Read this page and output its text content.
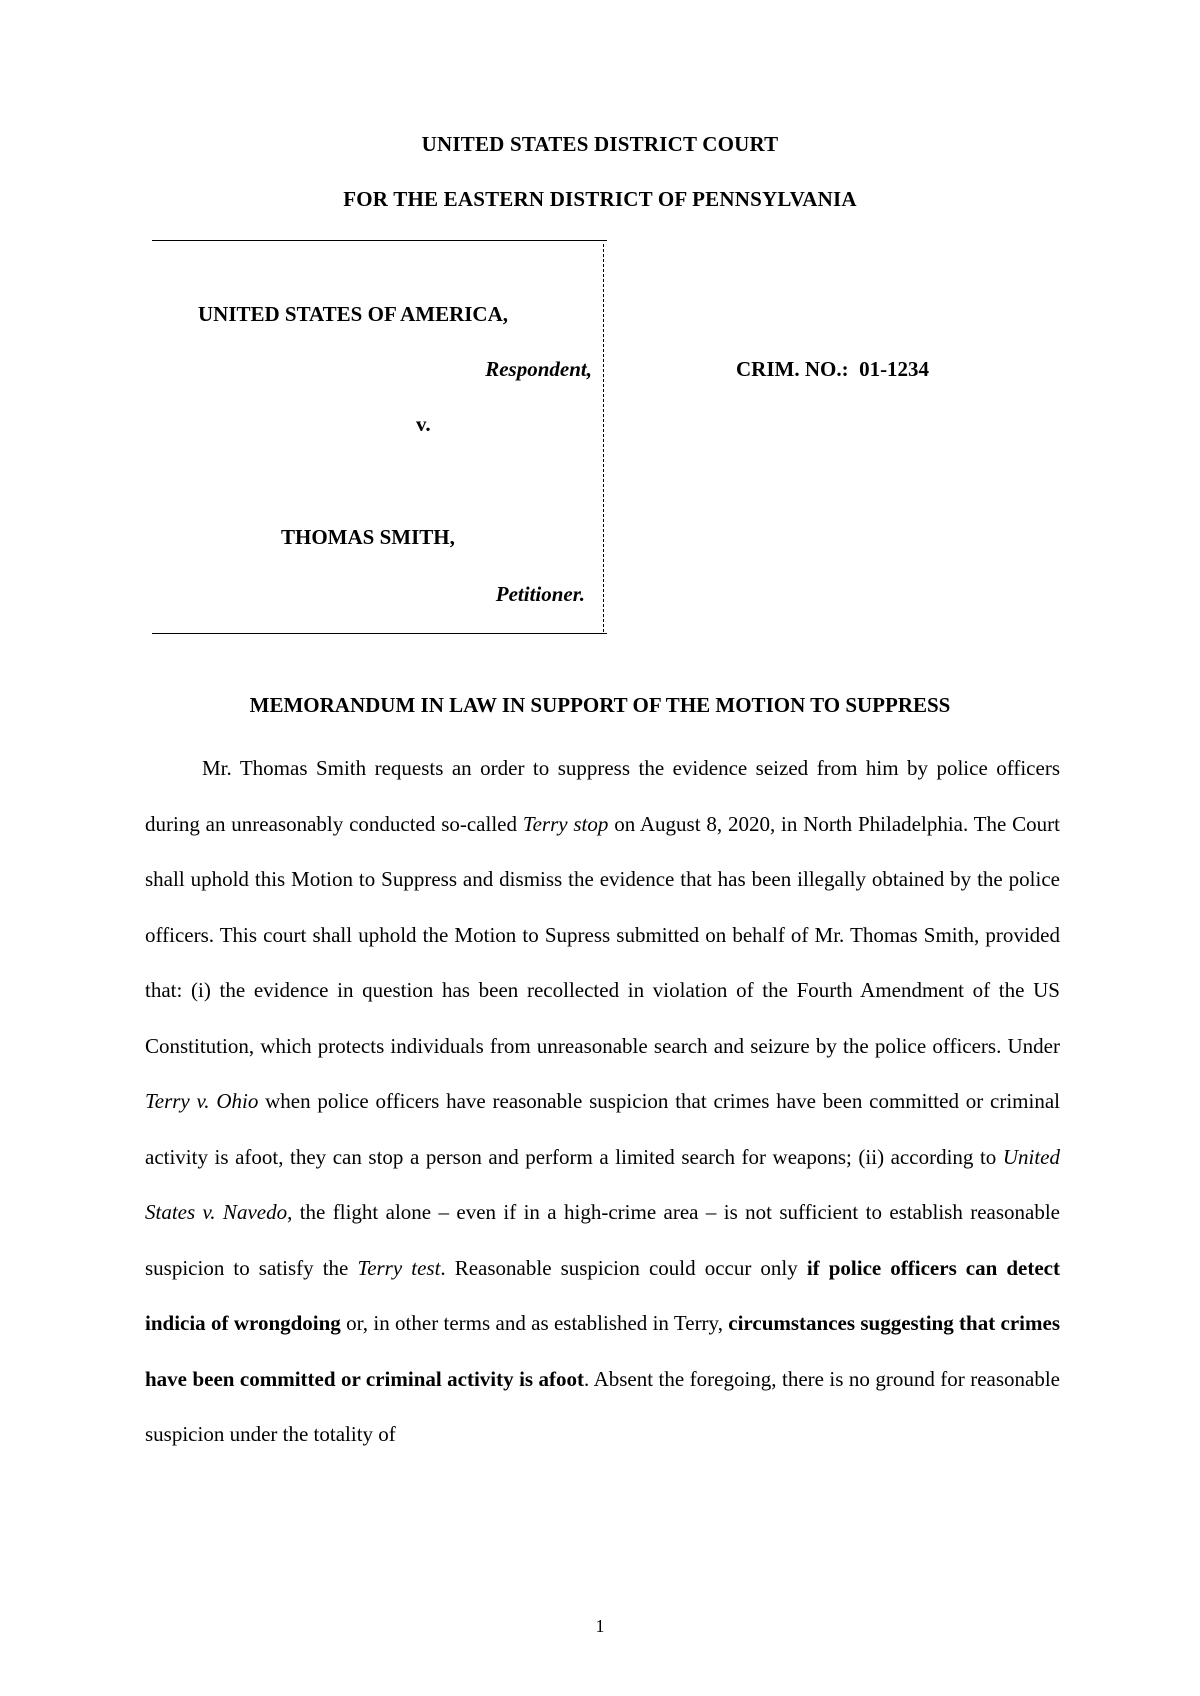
UNITED STATES DISTRICT COURT
FOR THE EASTERN DISTRICT OF PENNSYLVANIA
UNITED STATES OF AMERICA,
Respondent,
v.
THOMAS SMITH,
Petitioner.
CRIM. NO.:  01-1234
MEMORANDUM IN LAW IN SUPPORT OF THE MOTION TO SUPPRESS

Mr. Thomas Smith requests an order to suppress the evidence seized from him by police officers during an unreasonably conducted so-called Terry stop on August 8, 2020, in North Philadelphia. The Court shall uphold this Motion to Suppress and dismiss the evidence that has been illegally obtained by the police officers. This court shall uphold the Motion to Supress submitted on behalf of Mr. Thomas Smith, provided that: (i) the evidence in question has been recollected in violation of the Fourth Amendment of the US Constitution, which protects individuals from unreasonable search and seizure by the police officers. Under Terry v. Ohio when police officers have reasonable suspicion that crimes have been committed or criminal activity is afoot, they can stop a person and perform a limited search for weapons; (ii) according to United States v. Navedo, the flight alone – even if in a high-crime area – is not sufficient to establish reasonable suspicion to satisfy the Terry test. Reasonable suspicion could occur only if police officers can detect indicia of wrongdoing or, in other terms and as established in Terry, circumstances suggesting that crimes have been committed or criminal activity is afoot. Absent the foregoing, there is no ground for reasonable suspicion under the totality of

1
